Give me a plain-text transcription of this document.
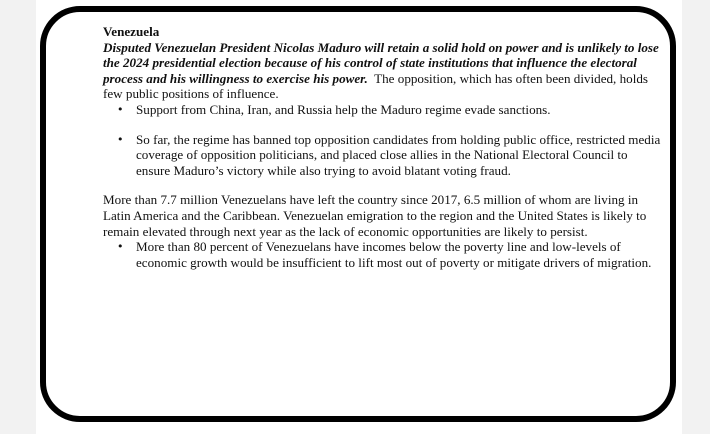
Venezuela

Disputed Venezuelan President Nicolas Maduro will retain a solid hold on power and is unlikely to lose the 2024 presidential election because of his control of state institutions that influence the electoral process and his willingness to exercise his power. The opposition, which has often been divided, holds few public positions of influence.

• Support from China, Iran, and Russia help the Maduro regime evade sanctions.
• So far, the regime has banned top opposition candidates from holding public office, restricted media coverage of opposition politicians, and placed close allies in the National Electoral Council to ensure Maduro’s victory while also trying to avoid blatant voting fraud.

More than 7.7 million Venezuelans have left the country since 2017, 6.5 million of whom are living in Latin America and the Caribbean. Venezuelan emigration to the region and the United States is likely to remain elevated through next year as the lack of economic opportunities are likely to persist.

• More than 80 percent of Venezuelans have incomes below the poverty line and low-levels of economic growth would be insufficient to lift most out of poverty or mitigate drivers of migration.
